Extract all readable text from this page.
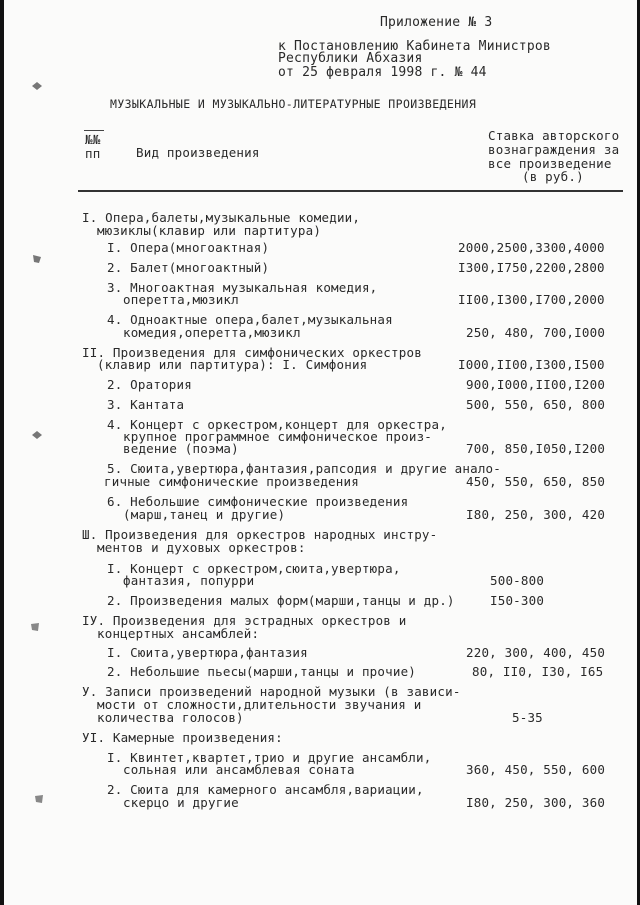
Приложение № 3
к Постановлению Кабинета Министров
Республики Абхазия
от 25 февраля 1998 г. № 44
МУЗЫКАЛЬНЫЕ И МУЗЫКАЛЬНО-ЛИТЕРАТУРНЫЕ ПРОИЗВЕДЕНИЯ
№№
пп	Вид произведения
Ставка авторского
вознаграждения за
все произведение
(в руб.)
I. Опера,балеты,музыкальные комедии,
мюзиклы(клавир или партитура)
I. Опера(многоактная)	2000,2500,3300,4000
2. Балет(многоактный)	I300,I750,2200,2800
3. Многоактная музыкальная комедия,
оперетта,мюзикл	II00,I300,I700,2000
4. Одноактные опера,балет,музыкальная
комедия,оперетта,мюзикл	250, 480, 700,I000
II. Произведения для симфонических оркестров
(клавир или партитура): I. Симфония	I000,II00,I300,I500
2. Оратория	900,I000,II00,I200
3. Кантата	500, 550, 650, 800
4. Концерт с оркестром,концерт для оркестра,
крупное программное симфоническое произ-
ведение (поэма)	700, 850,I050,I200
5. Сюита,увертюра,фантазия,рапсодия и другие анало-
гичные симфонические произведения	450, 550, 650, 850
6. Небольшие симфонические произведения
(марш,танец и другие)	I80, 250, 300, 420
Ш. Произведения для оркестров народных инстру-
ментов и духовых оркестров:
I. Концерт с оркестром,сюита,увертюра,
фантазия, попурри	500-800
2. Произведения малых форм(марши,танцы и др.)	I50-300
IУ. Произведения для эстрадных оркестров и
концертных ансамблей:
I. Сюита,увертюра,фантазия	220, 300, 400, 450
2. Небольшие пьесы(марши,танцы и прочие)	80, II0, I30, I65
У. Записи произведений народной музыки (в зависи-
мости от сложности,длительности звучания и
количества голосов)	5-35
УI. Камерные произведения:
I. Квинтет,квартет,трио и другие ансамбли,
сольная или ансамблевая соната	360, 450, 550, 600
2. Сюита для камерного ансамбля,вариации,
скерцо и другие	I80, 250, 300, 360
